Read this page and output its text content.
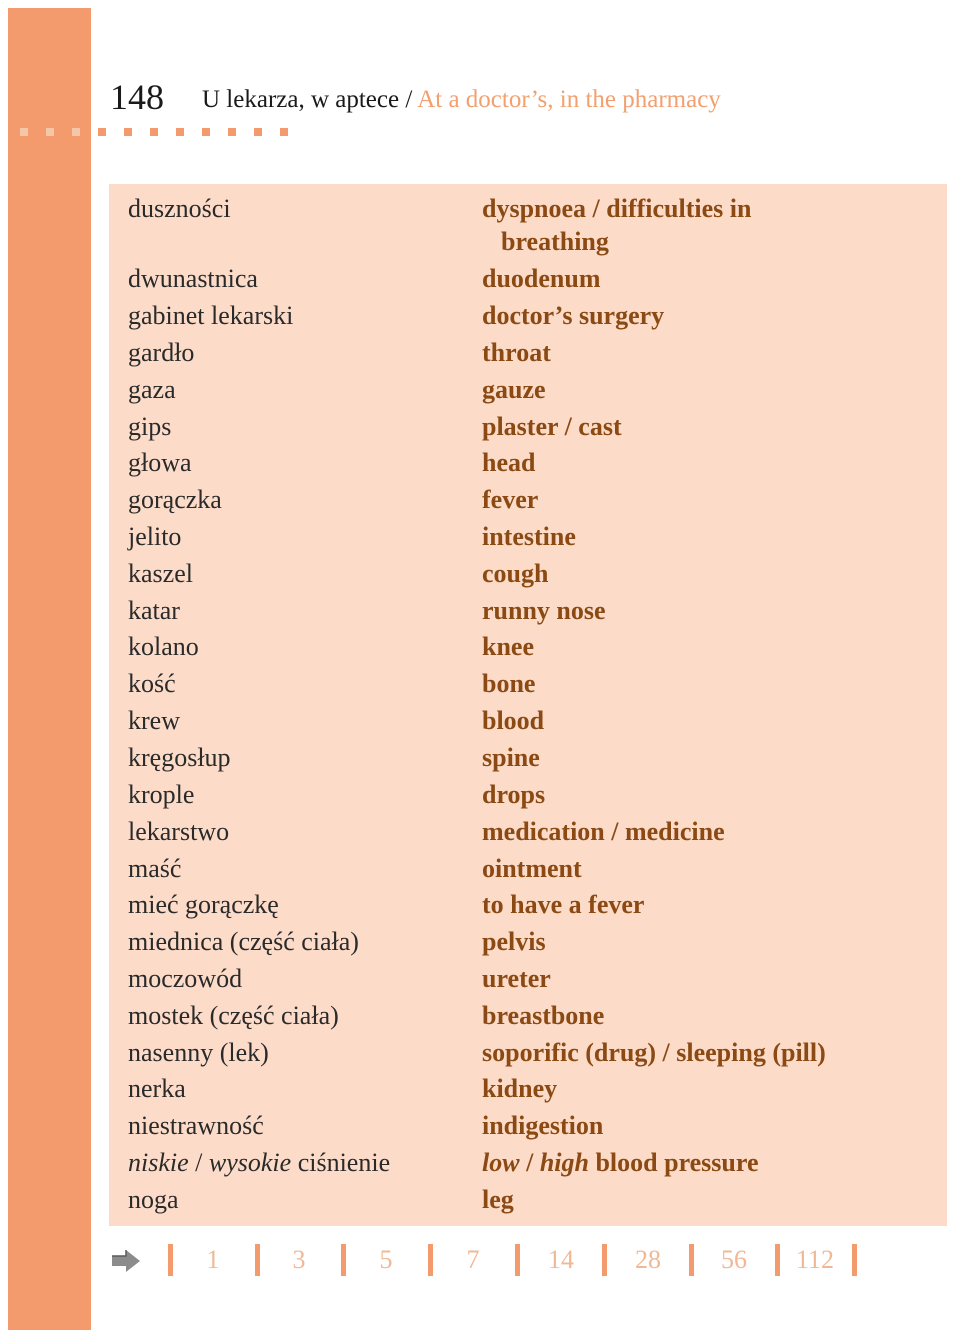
148 U lekarza, w aptece / At a doctor’s, in the pharmacy
duszności	dyspnoea / difficulties in
breathing
dwunastnica	duodenum
gabinet lekarski	doctor’s surgery
gardło	throat
gaza	gauze
gips	plaster / cast
głowa	head
gorączka	fever
jelito	intestine
kaszel	cough
katar	runny nose
kolano	knee
kość	bone
krew	blood
kręgosłup	spine
krople	drops
lekarstwo	medication / medicine
maść	ointment
mieć gorączkę	to have a fever
miednica (część ciała)	pelvis
moczowód	ureter
mostek (część ciała)	breastbone
nasenny (lek)	soporific (drug) / sleeping (pill)
nerka	kidney
niestrawność	indigestion
niskie / wysokie ciśnienie	low / high blood pressure
noga	leg
1	3	5	7	14	28	56	112
